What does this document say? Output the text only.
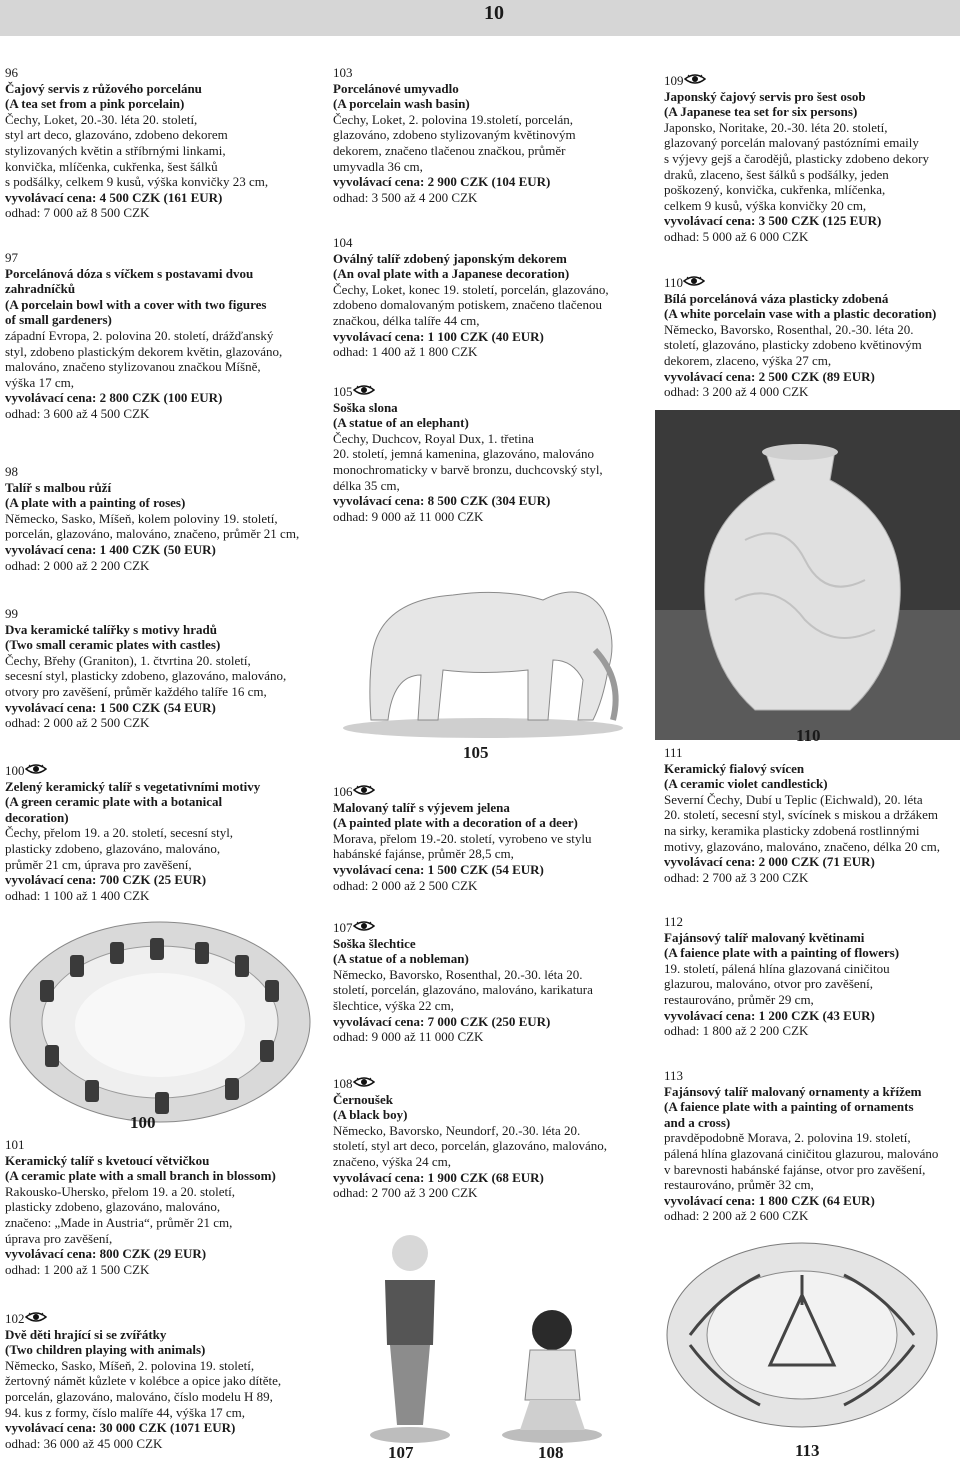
10
96
Čajový servis z růžového porcelánu
(A tea set from a pink porcelain)
Čechy, Loket, 20.-30. léta 20. století,
styl art deco, glazováno, zdobeno dekorem
stylizovaných květin a stříbrnými linkami,
konvička, mlíčenka, cukřenka, šest šálků
s podšálky, celkem 9 kusů, výška konvičky 23 cm,
vyvolávací cena: 4 500 CZK (161 EUR)
odhad: 7 000 až 8 500 CZK
97
Porcelánová dóza s víčkem s postavami dvou
zahradníčků
(A porcelain bowl with a cover with two figures
of small gardeners)
západní Evropa, 2. polovina 20. století, drážďanský
styl, zdobeno plastickým dekorem květin, glazováno,
malováno, značeno stylizovanou značkou Míšně,
výška 17 cm,
vyvolávací cena: 2 800 CZK (100 EUR)
odhad: 3 600 až 4 500 CZK
98
Talíř s malbou růží
(A plate with a painting of roses)
Německo, Sasko, Míšeň, kolem poloviny 19. století,
porcelán, glazováno, malováno, značeno, průměr 21 cm,
vyvolávací cena: 1 400 CZK (50 EUR)
odhad: 2 000 až 2 200 CZK
99
Dva keramické talířky s motivy hradů
(Two small ceramic plates with castles)
Čechy, Břehy (Graniton), 1. čtvrtina 20. století,
secesní styl, plasticky zdobeno, glazováno, malováno,
otvory pro zavěšení, průměr každého talíře 16 cm,
vyvolávací cena: 1 500 CZK (54 EUR)
odhad: 2 000 až 2 500 CZK
100
Zelený keramický talíř s vegetativními motivy
(A green ceramic plate with a botanical
decoration)
Čechy, přelom 19. a 20. století, secesní styl,
plasticky zdobeno, glazováno, malováno,
průměr 21 cm, úprava pro zavěšení,
vyvolávací cena: 700 CZK (25 EUR)
odhad: 1 100 až 1 400 CZK
101
Keramický talíř s kvetoucí větvičkou
(A ceramic plate with a small branch in blossom)
Rakousko-Uhersko, přelom 19. a 20. století,
plasticky zdobeno, glazováno, malováno,
značeno: „Made in Austria“, průměr 21 cm,
úprava pro zavěšení,
vyvolávací cena: 800 CZK (29 EUR)
odhad: 1 200 až 1 500 CZK
102
Dvě děti hrající si se zvířátky
(Two children playing with animals)
Německo, Sasko, Míšeň, 2. polovina 19. století,
žertovný námět kůzlete v kolébce a opice jako dítěte,
porcelán, glazováno, malováno, číslo modelu H 89,
94. kus z formy, číslo malíře 44, výška 17 cm,
vyvolávací cena: 30 000 CZK (1071 EUR)
odhad: 36 000 až 45 000 CZK
103
Porcelánové umyvadlo
(A porcelain wash basin)
Čechy, Loket, 2. polovina 19.století, porcelán,
glazováno, zdobeno stylizovaným květinovým
dekorem, značeno tlačenou značkou, průměr
umyvadla 36 cm,
vyvolávací cena: 2 900 CZK (104 EUR)
odhad: 3 500 až 4 200 CZK
104
Oválný talíř zdobený japonským dekorem
(An oval plate with a Japanese decoration)
Čechy, Loket, konec 19. století, porcelán, glazováno,
zdobeno domalovaným potiskem, značeno tlačenou
značkou, délka talíře 44 cm,
vyvolávací cena: 1 100 CZK (40 EUR)
odhad: 1 400 až 1 800 CZK
105
Soška slona
(A statue of an elephant)
Čechy, Duchcov, Royal Dux, 1. třetina
20. století, jemná kamenina, glazováno, malováno
monochromaticky v barvě bronzu, duchcovský styl,
délka 35 cm,
vyvolávací cena: 8 500 CZK (304 EUR)
odhad: 9 000 až 11 000 CZK
106
Malovaný talíř s výjevem jelena
(A painted plate with a decoration of a deer)
Morava, přelom 19.-20. století, vyrobeno ve stylu
habánské fajánse, průměr 28,5 cm,
vyvolávací cena: 1 500 CZK (54 EUR)
odhad: 2 000 až 2 500 CZK
107
Soška šlechtice
(A statue of a nobleman)
Německo, Bavorsko, Rosenthal, 20.-30. léta 20.
století, porcelán, glazováno, malováno, karikatura
šlechtice, výška 22 cm,
vyvolávací cena: 7 000 CZK (250 EUR)
odhad: 9 000 až 11 000 CZK
108
Černoušek
(A black boy)
Německo, Bavorsko, Neundorf, 20.-30. léta 20.
století, styl art deco, porcelán, glazováno, malováno,
značeno, výška 24 cm,
vyvolávací cena: 1 900 CZK (68 EUR)
odhad: 2 700 až 3 200 CZK
109
Japonský čajový servis pro šest osob
(A Japanese tea set for six persons)
Japonsko, Noritake, 20.-30. léta 20. století,
glazovaný porcelán malovaný pastózními emaily
s výjevy gejš a čarodějů, plasticky zdobeno dekory
draků, zlaceno, šest šálků s podšálky, jeden
poškozený, konvička, cukřenka, mlíčenka,
celkem 9 kusů, výška konvičky 20 cm,
vyvolávací cena: 3 500 CZK (125 EUR)
odhad: 5 000 až 6 000 CZK
110
Bílá porcelánová váza plasticky zdobená
(A white porcelain vase with a plastic decoration)
Německo, Bavorsko, Rosenthal, 20.-30. léta 20.
století, glazováno, plasticky zdobeno květinovým
dekorem, zlaceno, výška 27 cm,
vyvolávací cena: 2 500 CZK (89 EUR)
odhad: 3 200 až 4 000 CZK
111
Keramický fialový svícen
(A ceramic violet candlestick)
Severní Čechy, Dubí u Teplic (Eichwald), 20. léta
20. století, secesní styl, svícínek s miskou a držákem
na sirky, keramika plasticky zdobená rostlinnými
motivy, glazováno, malováno, značeno, délka 20 cm,
vyvolávací cena: 2 000 CZK (71 EUR)
odhad: 2 700 až 3 200 CZK
112
Fajánsový talíř malovaný květinami
(A faience plate with a painting of flowers)
19. století, pálená hlína glazovaná ciničitou
glazurou, malováno, otvor pro zavěšení,
restaurováno, průměr 29 cm,
vyvolávací cena: 1 200 CZK (43 EUR)
odhad: 1 800 až 2 200 CZK
113
Fajánsový talíř malovaný ornamenty a křížem
(A faience plate with a painting of ornaments
and a cross)
pravděpodobně Morava, 2. polovina 19. století,
pálená hlína glazovaná ciničitou glazurou, malováno
v barevnosti habánské fajánse, otvor pro zavěšení,
restaurováno, průměr 32 cm,
vyvolávací cena: 1 800 CZK (64 EUR)
odhad: 2 200 až 2 600 CZK
100
105
110
107	108	113
